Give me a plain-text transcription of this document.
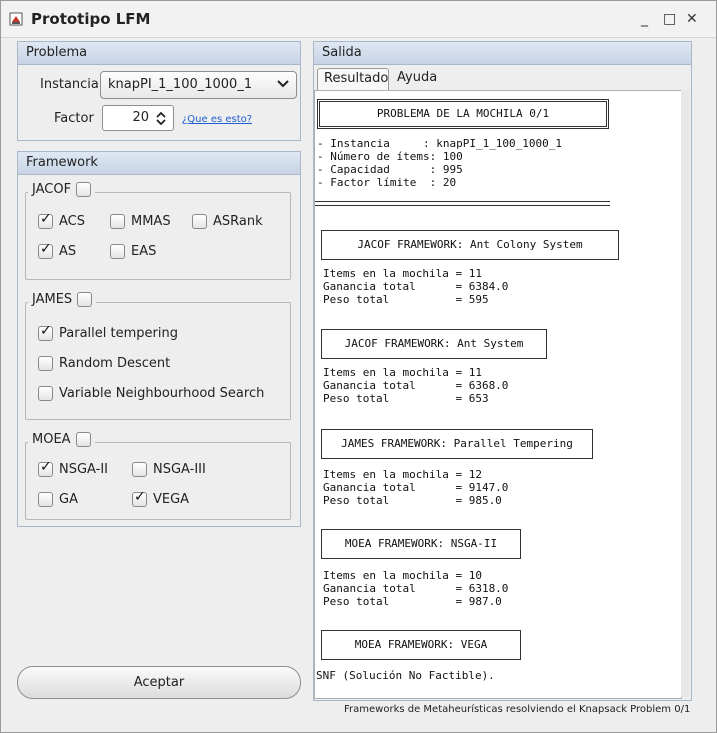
Prototipo LFM	_ □ ✕
Problema
Instancia knapPI_1_100_1000_1
Factor	20	¿Que es esto?
Framework
JACOF
✓
ACS	MMAS	ASRank
✓
AS	EAS
JAMES
✓
Parallel tempering
Random Descent
Variable Neighbourhood Search
MOEA
✓
NSGA-II	NSGA-III
GA
✓	VEGA
Aceptar
Salida
Resultado Ayuda
PROBLEMA DE LA MOCHILA 0/1
- Instancia     : knapPI_1_100_1000_1
- Número de ítems: 100
- Capacidad      : 995
- Factor límite  : 20
JACOF FRAMEWORK: Ant Colony System
Items en la mochila = 11
Ganancia total      = 6384.0
Peso total          = 595
JACOF FRAMEWORK: Ant System
Items en la mochila = 11
Ganancia total      = 6368.0
Peso total          = 653
JAMES FRAMEWORK: Parallel Tempering
Items en la mochila = 12
Ganancia total      = 9147.0
Peso total          = 985.0
MOEA FRAMEWORK: NSGA-II
Items en la mochila = 10
Ganancia total      = 6318.0
Peso total          = 987.0
MOEA FRAMEWORK: VEGA
SNF (Solución No Factible).
Frameworks de Metaheurísticas resolviendo el Knapsack Problem 0/1
